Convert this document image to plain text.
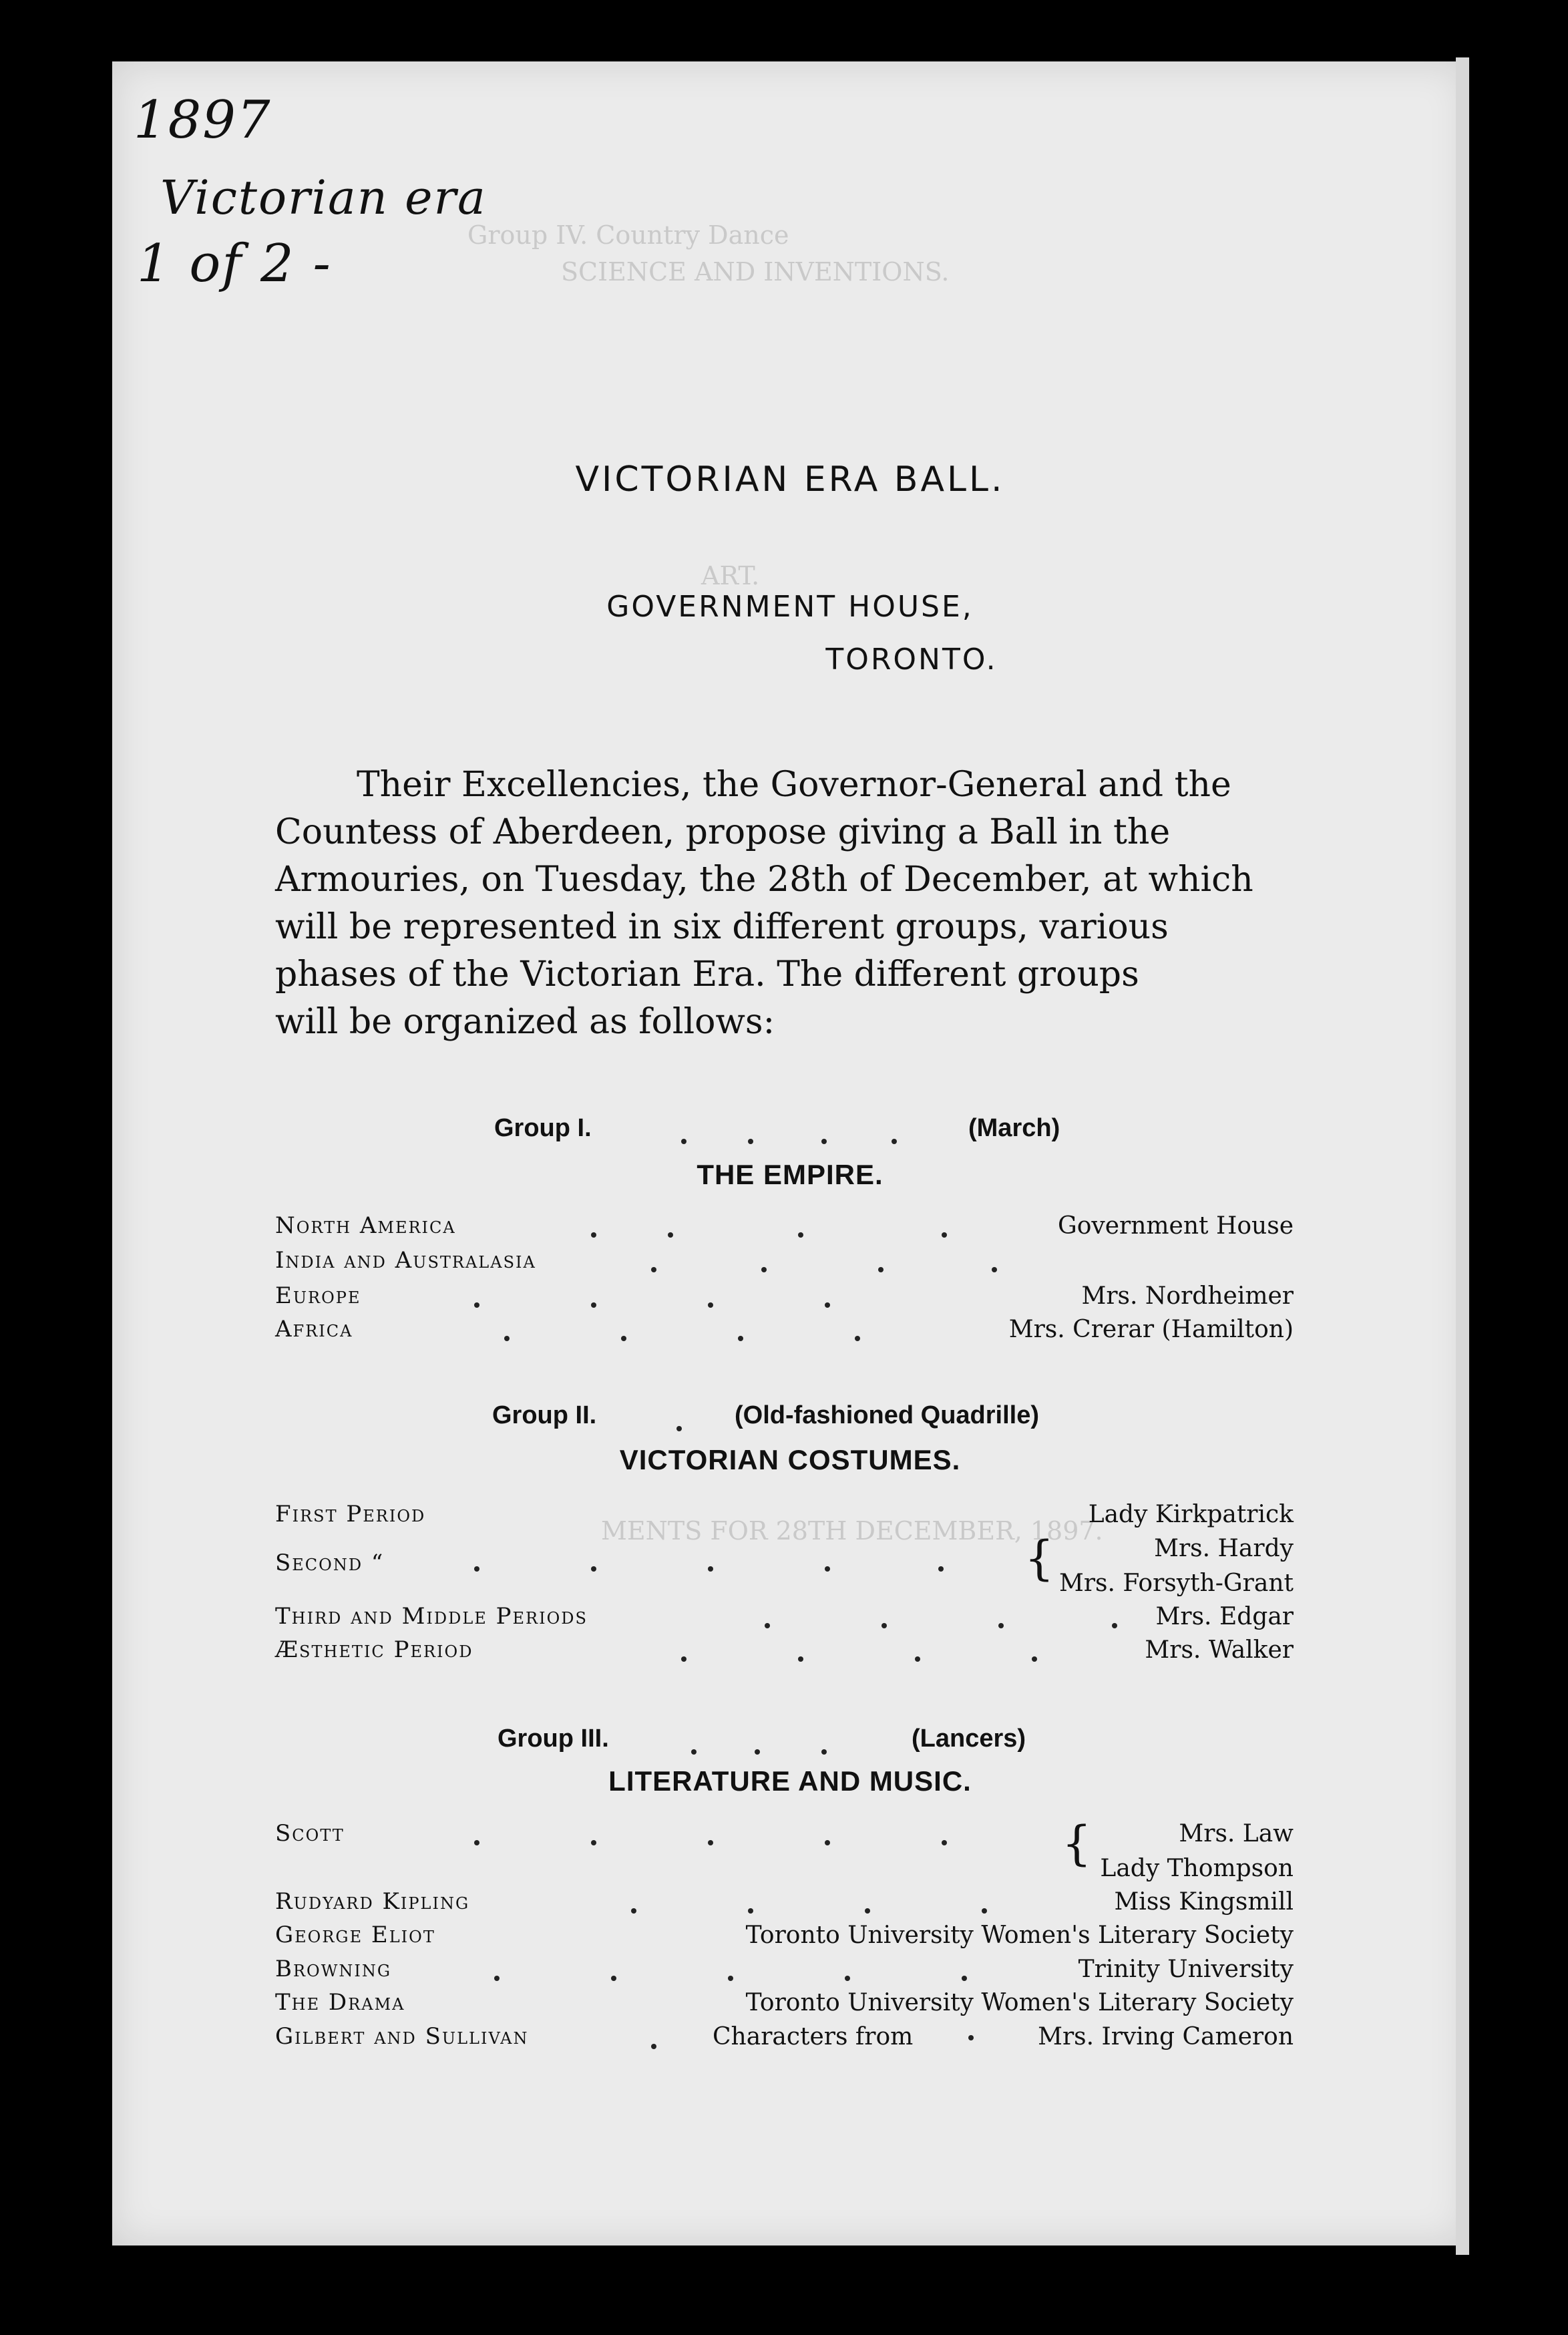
Group IV. Country Dance
SCIENCE AND INVENTIONS.
ART.
MENTS FOR 28TH DECEMBER, 1897.
1897
Victorian era
1 of 2 -
VICTORIAN ERA BALL.
GOVERNMENT HOUSE,
TORONTO.
Their Excellencies, the Governor-General and the
Countess of Aberdeen, propose giving a Ball in the
Armouries, on Tuesday, the 28th of December, at which
will be represented in six different groups, various
phases of the Victorian Era. The different groups
will be organized as follows:
Group I.	(March)
THE EMPIRE.
North America	Government House
India and Australasia
Europe	Mrs. Nordheimer
Africa	Mrs. Crerar (Hamilton)
Group II.	(Old-fashioned Quadrille)
VICTORIAN COSTUMES.
First Period	Lady Kirkpatrick
Second “	{	Mrs. Hardy
Mrs. Forsyth-Grant
Third and Middle Periods	Mrs. Edgar
Æsthetic Period	Mrs. Walker
Group III.	(Lancers)
LITERATURE AND MUSIC.
Scott	{	Mrs. Law
Lady Thompson
Rudyard Kipling	Miss Kingsmill
George Eliot	Toronto University Women's Literary Society
Browning	Trinity University
The Drama	Toronto University Women's Literary Society
Gilbert and Sullivan	Characters from	Mrs. Irving Cameron
